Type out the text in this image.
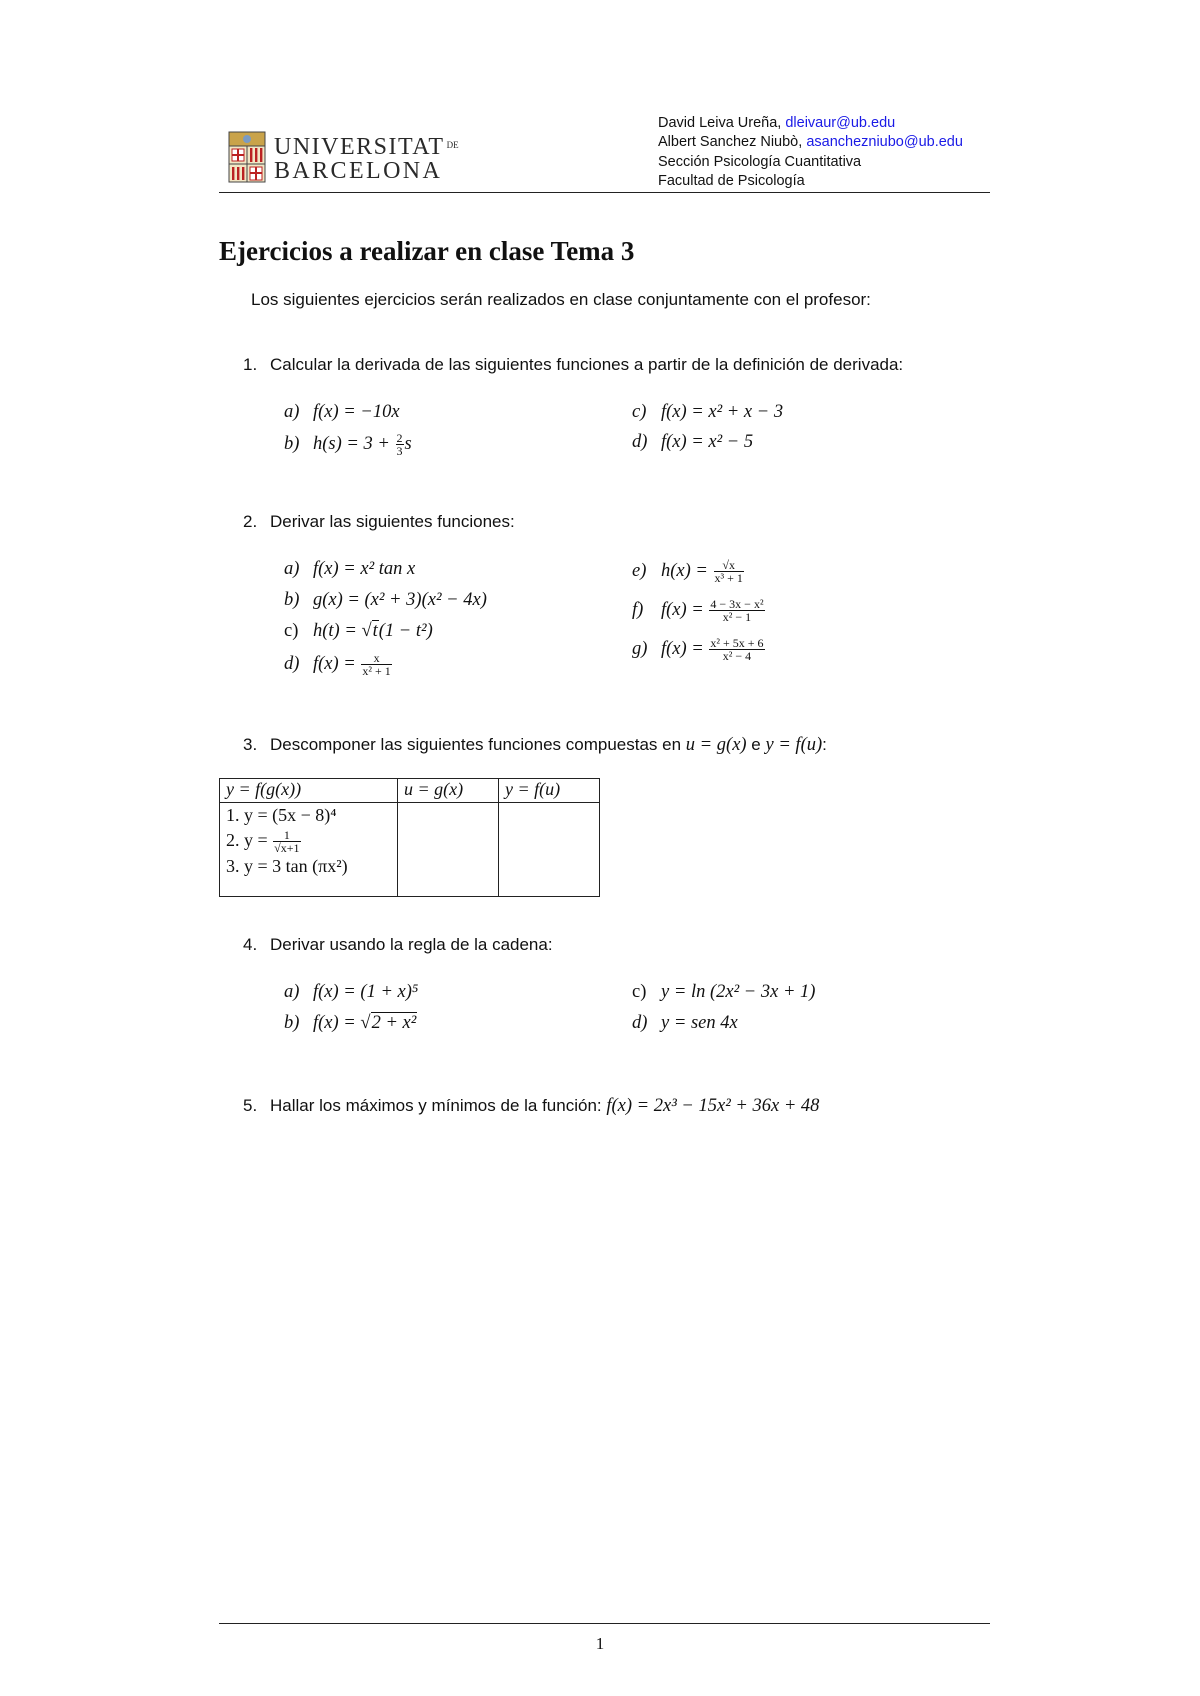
UNIVERSITAT $^{DE}$
BARCELONA
David Leiva Ureña, dleivaur@ub.edu
Albert Sanchez Niubò, asanchezniubo@ub.edu
Sección Psicología Cuantitativa
Facultad de Psicología
Ejercicios a realizar en clase Tema 3
Los siguientes ejercicios serán realizados en clase conjuntamente con el profesor:
1. Calcular la derivada de las siguientes funciones a partir de la definición de derivada:
a) f(x) = −10x
b) $h(s) = 3 + \frac{2}{3}$ s
c) f(x) = x² + x − 3
d) f(x) = x² − 5
2. Derivar las siguientes funciones:
a) f(x) = x² tan x
b) g(x) = (x² + 3)(x² − 4x)
c) h(t) = √t(1 − t²)
d) $f(x) = \frac{x}{\text{x² + 1}}$
e) $h(x) = \frac{√x}{\text{x³ + 1}}$
f) $f(x) = \frac{\text{4 − 3x − x²}}{\text{x² − 1}}$
g) $f(x) = \frac{\text{x² + 5x + 6}}{\text{x² − 4}}$
3. Descomponer las siguientes funciones compuestas en u = g(x) e y = f(u):
y = f(g(x))	u = g(x)	y = f(u)

1. y = (5x − 8)⁴
2. $y = \frac{1}{√x+1}$
3. y = 3 tan (πx²)		

4. Derivar usando la regla de la cadena:
a) f(x) = (1 + x)⁵
b) f(x) = √2 + x²
c) y = ln (2x² − 3x + 1)
d) y = sen 4x
5. Hallar los máximos y mínimos de la función: f(x) = 2x³ − 15x² + 36x + 48
1
